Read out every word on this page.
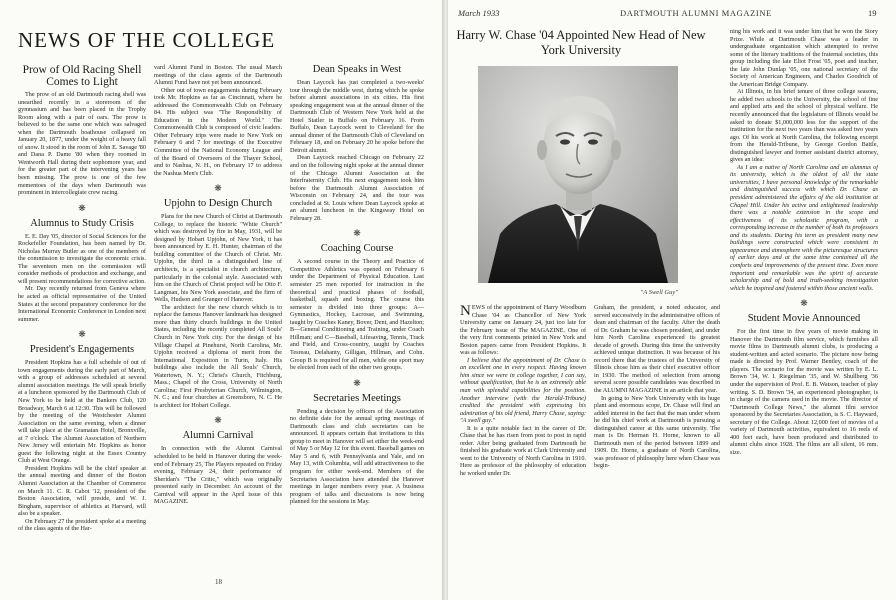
NEWS OF THE COLLEGE
Prow of Old Racing Shell Comes to Light

The prow of an old Dartmouth racing shell was unearthed recently in a storeroom of the gymnasium and has been placed in the Trophy Room along with a pair of oars. The prow is believed to be the same one which was salvaged when the Dartmouth boathouse collapsed on January 20, 1877, under the weight of a heavy fall of snow. It stood in the room of John E. Savage '80 and Dana P. Dame '80 when they roomed in Wentworth Hall during their sophomore year, and for the greater part of the intervening years has been missing. The prow is one of the few mementoes of the days when Dartmouth was prominent in intercollegiate crew racing.

❋
Alumnus to Study Crisis

E. E. Day '05, director of Social Sciences for the Rockefeller Foundation, has been named by Dr. Nicholas Murray Butler as one of the members of the commission to investigate the economic crisis. The seventeen men on the commission will consider methods of production and exchange, and will present recommendations for corrective action.

Mr. Day recently returned from Geneva where he acted as official representative of the United States at the second preparatory conference for the International Economic Conference in London next summer.

❋
President's Engagements

President Hopkins has a full schedule of out of town engagements during the early part of March, with a group of addresses scheduled at several alumni association meetings. He will speak briefly at a luncheon sponsored by the Dartmouth Club of New York to be held at the Bankers Club, 120 Broadway, March 6 at 12:30. This will be followed by the meeting of the Westchester Alumni Association on the same evening, when a dinner will take place at the Gramatan Hotel, Bronxville, at 7 o'clock. The Alumni Association of Northern New Jersey will entertain Mr. Hopkins as honor guest the following night at the Essex Country Club at West Orange.

President Hopkins will be the chief speaker at the annual meeting and dinner of the Boston Alumni Association at the Chamber of Commerce on March 11. C. R. Cabot '12, president of the Boston Association, will preside, and W. J. Bingham, supervisor of athletics at Harvard, will also be a speaker.

On February 27 the president spoke at a meeting of the class agents of the Har-

vard Alumni Fund in Boston. The usual March meetings of the class agents of the Dartmouth Alumni Fund have not yet been announced.

Other out of town engagements during February took Mr. Hopkins as far as Cincinnati, where he addressed the Commonwealth Club on February 84. His subject was "The Responsibility of Education in the Modern World." The Commonwealth Club is composed of civic leaders. Other February trips were made to New York on February 6 and 7 for meetings of the Executive Committee of the National Economy League and of the Board of Overseers of the Thayer School, and to Nashua, N. H., on February 17 to address the Nashua Men's Club.

❋
Upjohn to Design Church

Plans for the new Church of Christ at Dartmouth College, to replace the historic "White Church" which was destroyed by fire in May, 1931, will be designed by Hobart Upjohn, of New York, it has been announced by E. H. Hunter, chairman of the building committee of the Church of Christ. Mr. Upjohn, the third in a distinguished line of architects, is a specialist in church architecture, particularly in the colonial style. Associated with him on the Church of Christ project will be Otto F. Langman, his New York associate, and the firm of Wells, Hudson and Granger of Hanover.

The architect for the new church which is to replace the famous Hanover landmark has designed more than thirty church buildings in the United States, including the recently completed All Souls' Church in New York city. For the design of his Village Chapel at Pinehurst, North Carolina, Mr. Upjohn received a diploma of merit from the International Exposition in Turin, Italy. His buildings also include the All Souls' Church, Watertown, N. Y.; Christ's Church, Fitchburg, Mass.; Chapel of the Cross, University of North Carolina; First Presbyterian Church, Wilmington, N. C.; and four churches at Greensboro, N. C. He is architect for Hobart College.

❋
Alumni Carnival

In connection with the Alumni Carnival scheduled to be held in Hanover during the week-end of February 25, The Players repeated on Friday evening, February 24, their performance of Sheridan's "The Critic," which was originally presented early in December. An account of the Carnival will appear in the April issue of this MAGAZINE.

Dean Speaks in West

Dean Laycock has just completed a two-weeks' tour through the middle west, during which he spoke before alumni associations in six cities. His first speaking engagement was at the annual dinner of the Dartmouth Club of Western New York held at the Hotel Statler in Buffalo on February 16. From Buffalo, Dean Laycock went to Cleveland for the annual dinner of the Dartmouth Club of Cleveland on February 18, and on February 20 he spoke before the Detroit alumni.

Dean Laycock reached Chicago on February 22 and on the following night spoke at the annual dinner of the Chicago Alumni Association at the Interfraternity Club. His next engagement took him before the Dartmouth Alumni Association of Wisconsin on February 24, and the tour was concluded at St. Louis where Dean Laycock spoke at an alumni luncheon in the Kingsway Hotel on February 28.

❋
Coaching Course

A second course in the Theory and Practice of Competitive Athletics was opened on February 6 under the Department of Physical Education. Last semester 25 men reported for instruction in the theoretical and practical phases of football, basketball, squash and boxing. The course this semester is divided into three groups: A—Gymnastics, Hockey, Lacrosse, and Swimming, taught by Coaches Kaney, Bover, Dent, and Hazelton; B—General Conditioning and Training, under Coach Hillman; and C—Baseball, Lifesaving, Tennis, Track and Field, and Cross-country, taught by Coaches Tesreau, Delahanty, Gilligan, Hillman, and Cohn. Group B is required for all men, while one sport may be elected from each of the other two groups.

❋
Secretaries Meetings

Pending a decision by officers of the Association no definite date for the annual spring meetings of Dartmouth class and club secretaries can be announced. It appears certain that invitations to this group to meet in Hanover will set either the week-end of May 5 or May 12 for this event. Baseball games on May 5 and 6, with Pennsylvania and Yale, and on May 13, with Columbia, will add attractiveness to the program for either week-end. Members of the Secretaries Association have attended the Hanover meetings in larger numbers every year. A business program of talks and discussions is now being planned for the sessions in May.

18
March 1933	DARTMOUTH ALUMNI MAGAZINE	19
Harry W. Chase '04 Appointed New Head of New York University
"A Swell Guy"

NEWS of the appointment of Harry Woodburn Chase '04 as Chancellor of New York University came on January 24, just too late for the February issue of The MAGAZINE. One of the very first comments printed in New York and Boston papers came from President Hopkins. It was as follows:

I believe that the appointment of Dr. Chase is an excellent one in every respect. Having known him since we were in college together, I can say, without qualification, that he is an extremely able man with splendid capabilities for the position. Another interview (with the Herald-Tribune) credited the president with expressing his admiration of his old friend, Harry Chase, saying: "A swell guy."

It is a quite notable fact in the career of Dr. Chase that he has risen from post to post in rapid order. After being graduated from Dartmouth he finished his graduate work at Clark University and went to the University of North Carolina in 1910. Here as professor of the philosophy of education he worked under Dr.

Graham, the president, a noted educator, and served successively in the administrative offices of dean and chairman of the faculty. After the death of Dr. Graham he was chosen president, and under him North Carolina experienced its greatest decade of growth. During this time the university achieved unique distinction. It was because of his record there that the trustees of the University of Illinois chose him as their chief executive officer in 1930. The method of selection from among several score possible candidates was described in the ALUMNI MAGAZINE in an article that year.

In going to New York University with its huge plant and enormous scope, Dr. Chase will find an added interest in the fact that the man under whom he did his chief work at Dartmouth is pursuing a distinguished career at this same university. The man is Dr. Herman H. Horne, known to all Dartmouth men of the period between 1899 and 1909. Dr. Horne, a graduate of North Carolina, was professor of philosophy here when Chase was begin-

ning his work and it was under him that he won the Story Prize. While at Dartmouth Chase was a leader in undergraduate organization which attempted to revive some of the literary traditions of the fraternal societies, this group including the late Eliot Frost '05, poet and teacher, the late John Dunlap '05, one national secretary of the Society of American Engineers, and Charles Goodrich of the American Bridge Company.

At Illinois, in his brief tenure of three college seasons, he added two schools to the University, the school of fine and applied arts and the school of physical welfare. He recently announced that the legislature of Illinois would be asked to donate $1,000,000 less for the support of the institution for the next two years than was asked two years ago. Of his work at North Carolina, the following excerpt from the Herald-Tribune, by George Gordon Battle, distinguished lawyer and former assistant district attorney, gives an idea:

As I am a native of North Carolina and an alumnus of its university, which is the oldest of all the state universities, I have personal knowledge of the remarkable and distinguished success with which Dr. Chase as president administered the affairs of the old institution at Chapel Hill. Under his active and enlightened leadership there was a notable extension in the scope and effectiveness of its scholastic program, with a corresponding increase in the number of both its professors and its students. During his term as president many new buildings were constructed which were consistent in appearance and atmosphere with the picturesque structures of earlier days and at the same time contained all the comforts and improvements of the present time. Even more important and remarkable was the spirit of accurate scholarship and of bold and truth-seeking investigation which he inspired and fostered within those ancient walls.

❋
Student Movie Announced

For the first time in five years of movie making in Hanover the Dartmouth film service, which furnishes all movie films to Dartmouth alumni clubs, is producing a student-written and acted scenario. The picture now being made is directed by Prof. Warner Bentley, coach of the players. The scenario for the movie was written by E. L. Brown '34, W. I. Riegelman '35, and W. Shullberg '36 under the supervision of Prof. E. B. Watson, teacher of play writing. S. D. Brown '34, an experienced photographer, is in charge of the camera used in the movie. The director of "Dartmouth College News," the alumni film service sponsored by the Secretaries Association, is S. C. Hayward, secretary of the College. About 12,000 feet of movies of a variety of Dartmouth activities, equivalent to 16 reels of 400 feet each, have been produced and distributed to alumni clubs since 1928. The films are all silent, 16 mm. size.
